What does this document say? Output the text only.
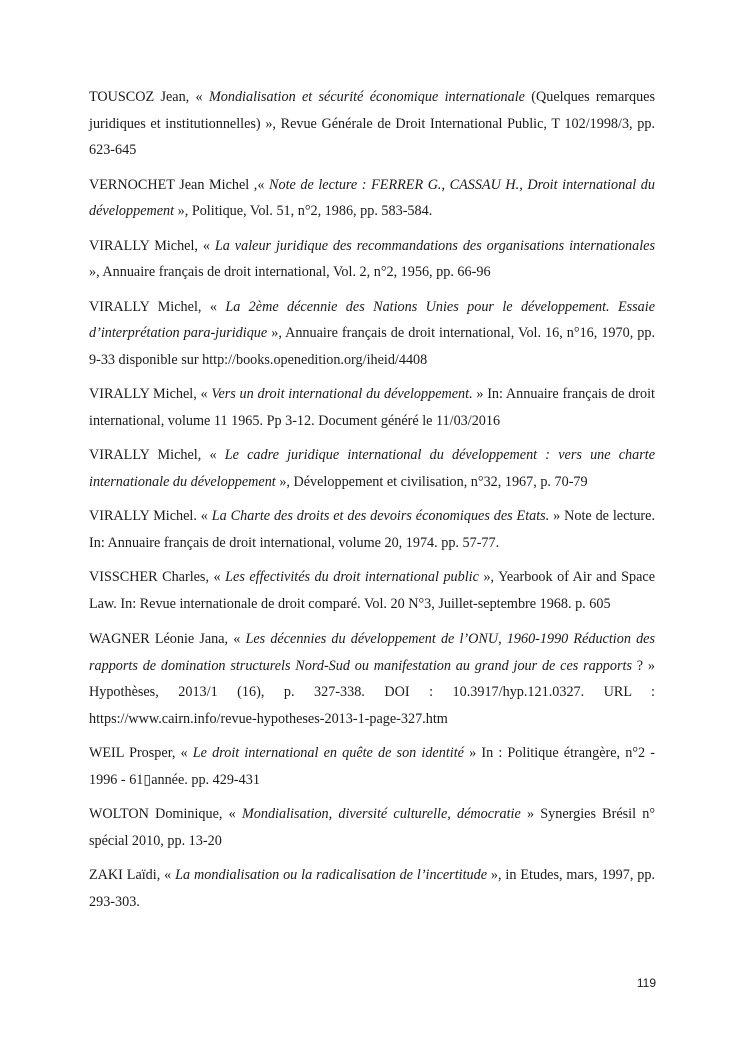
TOUSCOZ Jean, « Mondialisation et sécurité économique internationale (Quelques remarques juridiques et institutionnelles) », Revue Générale de Droit International Public, T 102/1998/3, pp. 623-645

VERNOCHET Jean Michel ,« Note de lecture : FERRER G., CASSAU H., Droit international du développement », Politique, Vol. 51, n°2, 1986, pp. 583-584.

VIRALLY Michel, « La valeur juridique des recommandations des organisations internationales », Annuaire français de droit international, Vol. 2, n°2, 1956, pp. 66-96

VIRALLY Michel, « La 2ème décennie des Nations Unies pour le développement. Essaie d’interprétation para-juridique », Annuaire français de droit international, Vol. 16, n°16, 1970, pp. 9-33 disponible sur http://books.openedition.org/iheid/4408

VIRALLY Michel, « Vers un droit international du développement. » In: Annuaire français de droit international, volume 11 1965. Pp 3-12. Document généré le 11/03/2016

VIRALLY Michel, « Le cadre juridique international du développement : vers une charte internationale du développement », Développement et civilisation, n°32, 1967, p. 70-79

VIRALLY Michel. « La Charte des droits et des devoirs économiques des Etats. » Note de lecture. In: Annuaire français de droit international, volume 20, 1974. pp. 57-77.

VISSCHER Charles, « Les effectivités du droit international public », Yearbook of Air and Space Law. In: Revue internationale de droit comparé. Vol. 20 N°3, Juillet-septembre 1968. p. 605

WAGNER Léonie Jana, « Les décennies du développement de l’ONU, 1960-1990 Réduction des rapports de domination structurels Nord-Sud ou manifestation au grand jour de ces rapports ? » Hypothèses, 2013/1 (16), p. 327-338. DOI : 10.3917/hyp.121.0327. URL : https://www.cairn.info/revue-hypotheses-2013-1-page-327.htm

WEIL Prosper, « Le droit international en quête de son identité » In : Politique étrangère, n°2 - 1996 - 61▯année. pp. 429-431

WOLTON Dominique, « Mondialisation, diversité culturelle, démocratie » Synergies Brésil n° spécial 2010, pp. 13-20

ZAKI Laïdi, « La mondialisation ou la radicalisation de l’incertitude », in Etudes, mars, 1997, pp. 293-303.

119
